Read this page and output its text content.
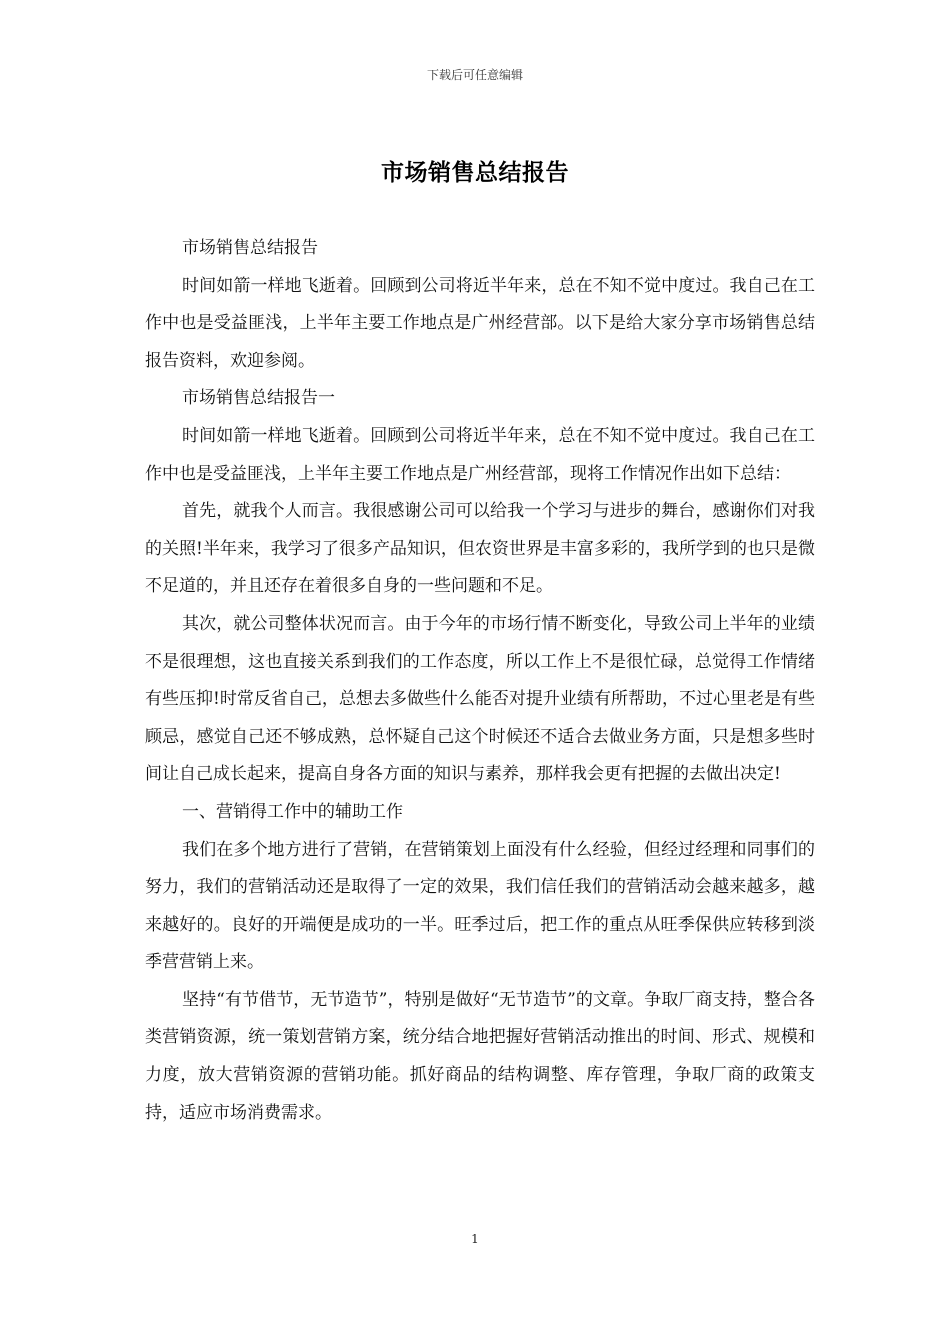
下载后可任意编辑
市场销售总结报告

市场销售总结报告

时间如箭一样地飞逝着。回顾到公司将近半年来，总在不知不觉中度过。我自己在工作中也是受益匪浅，上半年主要工作地点是广州经营部。以下是给大家分享市场销售总结报告资料，欢迎参阅。

市场销售总结报告一

时间如箭一样地飞逝着。回顾到公司将近半年来，总在不知不觉中度过。我自己在工作中也是受益匪浅，上半年主要工作地点是广州经营部，现将工作情况作出如下总结：

首先，就我个人而言。我很感谢公司可以给我一个学习与进步的舞台，感谢你们对我的关照!半年来，我学习了很多产品知识，但农资世界是丰富多彩的，我所学到的也只是微不足道的，并且还存在着很多自身的一些问题和不足。

其次，就公司整体状况而言。由于今年的市场行情不断变化，导致公司上半年的业绩不是很理想，这也直接关系到我们的工作态度，所以工作上不是很忙碌，总觉得工作情绪有些压抑!时常反省自己，总想去多做些什么能否对提升业绩有所帮助，不过心里老是有些顾忌，感觉自己还不够成熟，总怀疑自己这个时候还不适合去做业务方面，只是想多些时间让自己成长起来，提高自身各方面的知识与素养，那样我会更有把握的去做出决定!

一、营销得工作中的辅助工作

我们在多个地方进行了营销，在营销策划上面没有什么经验，但经过经理和同事们的努力，我们的营销活动还是取得了一定的效果，我们信任我们的营销活动会越来越多，越来越好的。良好的开端便是成功的一半。旺季过后，把工作的重点从旺季保供应转移到淡季营营销上来。

坚持“有节借节，无节造节”，特别是做好“无节造节”的文章。争取厂商支持，整合各类营销资源，统一策划营销方案，统分结合地把握好营销活动推出的时间、形式、规模和力度，放大营销资源的营销功能。抓好商品的结构调整、库存管理，争取厂商的政策支持，适应市场消费需求。

1
